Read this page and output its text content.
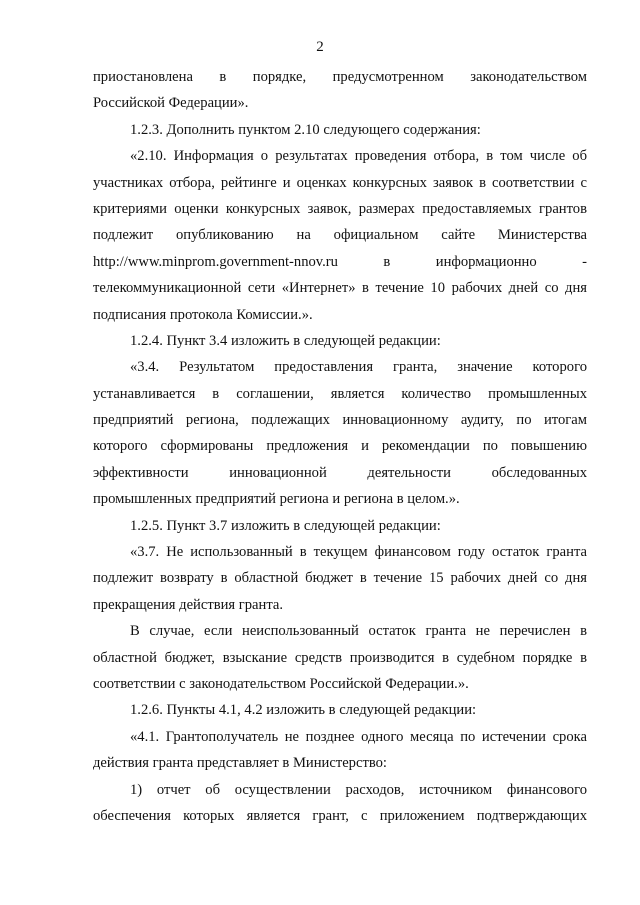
2
приостановлена в порядке, предусмотренном законодательством
Российской Федерации».
1.2.3. Дополнить пунктом 2.10 следующего содержания:
«2.10. Информация о результатах проведения отбора, в том числе об
участниках отбора, рейтинге и оценках конкурсных заявок в соответствии с
критериями оценки конкурсных заявок, размерах предоставляемых грантов
подлежит опубликованию на официальном сайте Министерства
http://www.minprom.government-nnov.ru в информационно -
телекоммуникационной сети «Интернет» в течение 10 рабочих дней со дня
подписания протокола Комиссии.».
1.2.4. Пункт 3.4 изложить в следующей редакции:
«3.4. Результатом предоставления гранта, значение которого
устанавливается в соглашении, является количество промышленных
предприятий региона, подлежащих инновационному аудиту, по итогам
которого сформированы предложения и рекомендации по повышению
эффективности инновационной деятельности обследованных
промышленных предприятий региона и региона в целом.».
1.2.5. Пункт 3.7 изложить в следующей редакции:
«3.7. Не использованный в текущем финансовом году остаток гранта
подлежит возврату в областной бюджет в течение 15 рабочих дней со дня
прекращения действия гранта.
В случае, если неиспользованный остаток гранта не перечислен в
областной бюджет, взыскание средств производится в судебном порядке в
соответствии с законодательством Российской Федерации.».
1.2.6. Пункты 4.1, 4.2 изложить в следующей редакции:
«4.1. Грантополучатель не позднее одного месяца по истечении срока
действия гранта представляет в Министерство:
1) отчет об осуществлении расходов, источником финансового
обеспечения которых является грант, с приложением подтверждающих
